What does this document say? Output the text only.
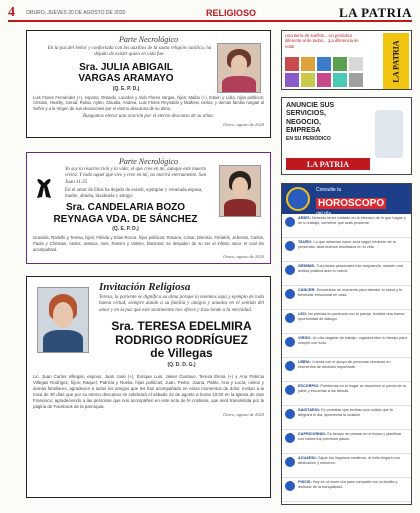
4	ORURO, JUEVES 20 DE AGOSTO DE 2020	RELIGIOSO	LA PATRIA
Parte Necrológico
En la paz del Señor y confortada con los auxilios de la santa religión católica, ha dejado de existir quien en vida fue:
Sra. JULIA ABIGAIL
VARGAS ARAMAYO
(Q. E. P. D.)
Luis Flores Fernández (+), esposo; Orlando, Lourdes y Aldo Flores Vargas, hijos; Maiba (+), Edwin y Lidia, hijos políticos; Cristian, Heartly, Gerad, Rubia, Aylen, Claudia, Andrea, Luis Flores Reynaldo y Mathew, nietos, y demás familia ruegan al Señor y a la Virgen de sus devociones por el eterno descanso de su alma.
Ruegamos elevar una oración por el eterno descanso de su alma.
Oruro, agosto de 2020
Parte Necrológico
Yo soy la resurrección y la vida; el que cree en mí, aunque esté muerto vivirá. Y todo aquel que vive y cree en mí, no morirá eternamente. San Juan 11:25
En el amor de Dios ha dejado de existir, ejemplar y venerada esposa, madre, abuela, bisabuela y amiga:
Sra. CANDELARIA BOZO
REYNAGA VDA. DE SÁNCHEZ
(Q. E. P. D.)
Graciela, Rodolfo y Teresa, hijos; Flérida y Elías Rocca, hijos políticos; Rosario, César, Dionisio, Frédérik, Jeferson, Carlos, Paola y Christian, nietos; Jessica, Inés, Ramiro y Valerio, bisnietos; se despiden de su ser al infinito amor, el cual les acompañará.
Oruro, agosto de 2020
Invitación Religiosa
Teresa, la pariente se dignifica su alma porque la tenemos aquí y ejemplo de toda buena virtud, siempre dando a su familia y amigos y amados en el sentido del amor y en la paz que este sentimiento nos ofrece y trasciende a la eternidad.
Sra. TERESA EDELMIRA
RODRIGO RODRÍGUEZ
de Villegas
(Q. D. D. G.)
Lic. Juan Carlos Villegas, esposo; Juan José (+), Enrique Luis, Javier Gustavo, Teresa Elena (+) y Ana Patricia Villegas Rodrígez, hijos; Raquel, Patricia y Noelia, hijas políticas; Juan, Pedro, Juana, Pablo, Ana y Lucía, nietos y demás familiares, agradecen a todos los amigos que les han acompañado en estos momentos de dolor. Invitan a la misa de 30 días que por su eterno descanso se celebrará el sábado 22 de agosto a horas 10:00 en la Iglesia de San Francisco; agradeciendo a las personas que nos acompañen en este acto de fe cristiana, que será transmitida por la página de Facebook de la parroquia.
Oruro, agosto de 2020
Una tierra de sueños... Un periódico diferente al de todos... ¡La diferencia se nota!	LA PATRIA
ANUNCIE SUS
SERVICIOS,
NEGOCIO,
EMPRESA
EN SU PERIÓDICO
LA PATRIA
Consulte tu
HOROSCOPO
del día
ARIES: Deberás tener cuidado en la elección de lo que hagas y en tu trabajo, conviene que seas prudente.
TAURO: Lo que deberías hacer será seguir intuición de tu presencia, dará buenos resultados en tu vida.
GÉMINIS: Tus planes personales irán mejorando, mantén una actitud positiva ante lo nuevo.
CÁNCER: Encuentras un momento para atender tu salud y tu bienestar emocional en casa.
LEO: No pierdas la paciencia con tu pareja, tendrás una buena oportunidad de diálogo.
VIRGO: Un día cargado de trabajo, organiza bien tu tiempo para cumplir con todo.
LIBRA: Cuenta con el apoyo de personas cercanas en momentos de decisión importante.
ESCORPIO: Problemas en el hogar se resuelven si pones de tu parte y escuchas a los demás.
SAGITARIO: Es probable que recibas una noticia que te alegrará el día, aprovecha la ocasión.
CAPRICORNIO: Es tiempo de pensar en el futuro y planificar con calma tus próximos pasos.
ACUARIO: Sigue tus impulsos creativos, el éxito llegará con dedicación y esfuerzo.
PISCIS: Hoy es un buen día para compartir con la familia y disfrutar de la tranquilidad.
